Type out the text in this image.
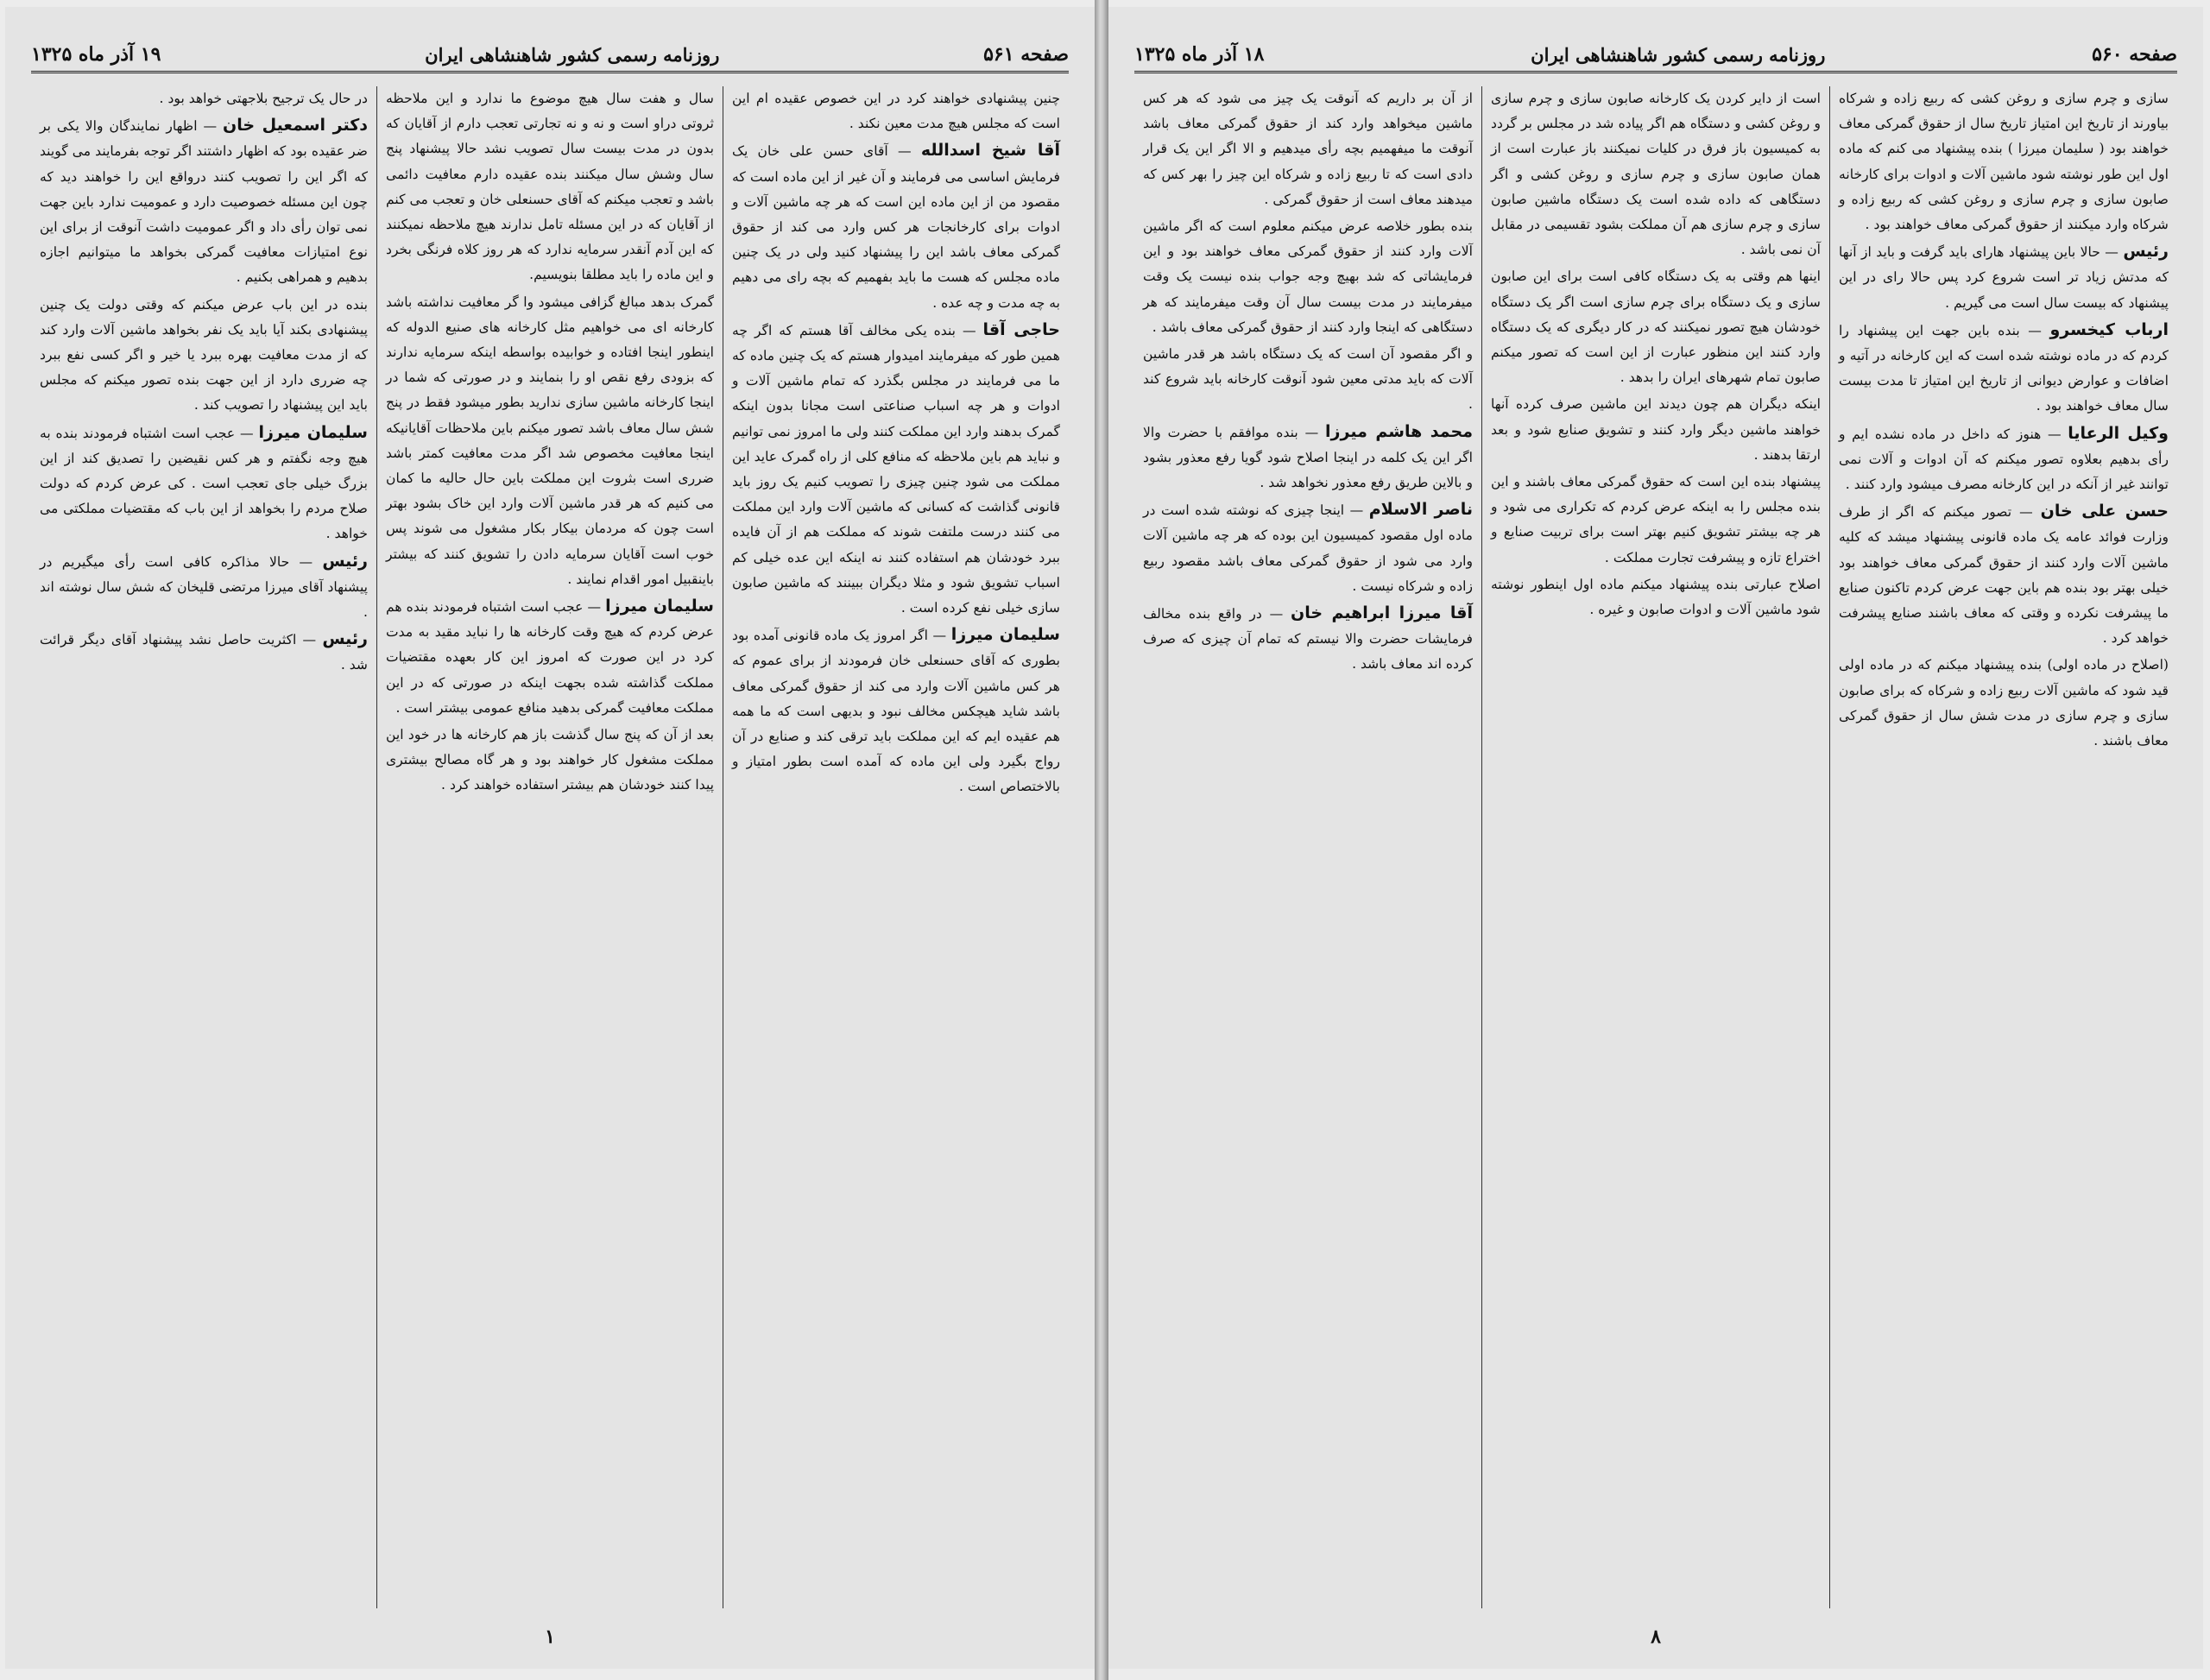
صفحه ۵۶۱
روزنامه رسمی کشور شاهنشاهی ایران
۱۹ آذر ماه ۱۳۲۵

چنین پیشنهادی خواهند کرد در این خصوص عقیده ام این است که مجلس هیچ مدت معین نکند .

آقا شیخ اسدالله — آقای حسن علی خان یک فرمایش اساسی می فرمایند و آن غیر از این ماده است که مقصود من از این ماده این است که هر چه ماشین آلات و ادوات برای کارخانجات هر کس وارد می کند از حقوق گمرکی معاف باشد این را پیشنهاد کنید ولی در یک چنین ماده مجلس که هست ما باید بفهمیم که بچه رای می دهیم به چه مدت و چه عده .

حاجی آقا — بنده یکی مخالف آقا هستم که اگر چه همین طور که میفرمایند امیدوار هستم که یک چنین ماده که ما می فرمایند در مجلس بگذرد که تمام ماشین آلات و ادوات و هر چه اسباب صناعتی است مجانا بدون اینکه گمرک بدهند وارد این مملکت کنند ولی ما امروز نمی توانیم و نباید هم باین ملاحظه که منافع کلی از راه گمرک عاید این مملکت می شود چنین چیزی را تصویب کنیم یک روز باید قانونی گذاشت که کسانی که ماشین آلات وارد این مملکت می کنند درست ملتفت شوند که مملکت هم از آن فایده ببرد خودشان هم استفاده کنند نه اینکه این عده خیلی کم اسباب تشویق شود و مثلا دیگران ببینند که ماشین صابون سازی خیلی نفع کرده است .

سلیمان میرزا — اگر امروز یک ماده قانونی آمده بود بطوری که آقای حسنعلی خان فرمودند از برای عموم که هر کس ماشین آلات وارد می کند از حقوق گمرکی معاف باشد شاید هیچکس مخالف نبود و بدیهی است که ما همه هم عقیده ایم که این مملکت باید ترقی کند و صنایع در آن رواج بگیرد ولی این ماده که آمده است بطور امتیاز و بالاختصاص است .

سال و هفت سال هیچ موضوع ما ندارد و این ملاحظه ثروتی دراو است و نه و نه تجارتی تعجب دارم از آقایان که بدون در مدت بیست سال تصویب نشد حالا پیشنهاد پنج سال وشش سال میکنند بنده عقیده دارم معافیت دائمی باشد و تعجب میکنم که آقای حسنعلی خان و تعجب می کنم از آقایان که در این مسئله تامل ندارند هیچ ملاحظه نمیکنند که این آدم آنقدر سرمایه ندارد که هر روز کلاه فرنگی بخرد و این ماده را باید مطلقا بنویسیم.

گمرک بدهد مبالغ گزافی میشود وا گر معافیت نداشته باشد کارخانه ای می خواهیم مثل کارخانه های صنیع الدوله که اینطور اینجا افتاده و خوابیده بواسطه اینکه سرمایه ندارند که بزودی رفع نقص او را بنمایند و در صورتی که شما در اینجا کارخانه ماشین سازی ندارید بطور میشود فقط در پنج شش سال معاف باشد تصور میکنم باین ملاحظات آقایانیکه اینجا معافیت مخصوص شد اگر مدت معافیت کمتر باشد ضرری است بثروت این مملکت باین حال حالیه ما کمان می کنیم که هر قدر ماشین آلات وارد این خاک بشود بهتر است چون که مردمان بیکار بکار مشغول می شوند پس خوب است آقایان سرمایه دادن را تشویق کنند که بیشتر باینقبیل امور اقدام نمایند .

سلیمان میرزا — عجب است اشتباه فرمودند بنده هم عرض کردم که هیچ وقت کارخانه ها را نباید مقید به مدت کرد در این صورت که امروز این کار بعهده مقتضیات مملکت گذاشته شده بجهت اینکه در صورتی که در این مملکت معافیت گمرکی بدهید منافع عمومی بیشتر است .

بعد از آن که پنج سال گذشت باز هم کارخانه ها در خود این مملکت مشغول کار خواهند بود و هر گاه مصالح بیشتری پیدا کنند خودشان هم بیشتر استفاده خواهند کرد .

در حال یک ترجیح بلاجهتی خواهد بود .

دکتر اسمعیل خان — اظهار نمایندگان والا یکی بر ضر عقیده بود که اظهار داشتند اگر توجه بفرمایند می گویند که اگر این را تصویب کنند درواقع این را خواهند دید که چون این مسئله خصوصیت دارد و عمومیت ندارد باین جهت نمی توان رأی داد و اگر عمومیت داشت آنوقت از برای این نوع امتیازات معافیت گمرکی بخواهد ما میتوانیم اجازه بدهیم و همراهی بکنیم .

بنده در این باب عرض میکنم که وقتی دولت یک چنین پیشنهادی بکند آیا باید یک نفر بخواهد ماشین آلات وارد کند که از مدت معافیت بهره ببرد یا خیر و اگر کسی نفع ببرد چه ضرری دارد از این جهت بنده تصور میکنم که مجلس باید این پیشنهاد را تصویب کند .

سلیمان میرزا — عجب است اشتباه فرمودند بنده به هیچ وجه نگفتم و هر کس نقیضین را تصدیق کند از این بزرگ خیلی جای تعجب است . کی عرض کردم که دولت صلاح مردم را بخواهد از این باب که مقتضیات مملکتی می خواهد .

رئیس — حالا مذاکره کافی است رأی میگیریم در پیشنهاد آقای میرزا مرتضی قلیخان که شش سال نوشته اند .

رئیس — اکثریت حاصل نشد پیشنهاد آقای دیگر قرائت شد .

۱
صفحه ۵۶۰
روزنامه رسمی کشور شاهنشاهی ایران
۱۸ آذر ماه ۱۳۲۵

سازی و چرم سازی و روغن کشی که ربیع زاده و شرکاه بیاورند از تاریخ این امتیاز تاریخ سال از حقوق گمرکی معاف خواهند بود ( سلیمان میرزا ) بنده پیشنهاد می کنم که ماده اول این طور نوشته شود ماشین آلات و ادوات برای کارخانه صابون سازی و چرم سازی و روغن کشی که ربیع زاده و شرکاه وارد میکنند از حقوق گمرکی معاف خواهند بود .

رئیس — حالا باین پیشنهاد هارای باید گرفت و باید از آنها که مدتش زیاد تر است شروع کرد پس حالا رای در این پیشنهاد که بیست سال است می گیریم .

ارباب کیخسرو — بنده باین جهت این پیشنهاد را کردم که در ماده نوشته شده است که این کارخانه در آتیه و اضافات و عوارض دیوانی از تاریخ این امتیاز تا مدت بیست سال معاف خواهند بود .

وکیل الرعایا — هنوز که داخل در ماده نشده ایم و رأی بدهیم بعلاوه تصور میکنم که آن ادوات و آلات نمی توانند غیر از آنکه در این کارخانه مصرف میشود وارد کنند .

حسن علی خان — تصور میکنم که اگر از طرف وزارت فوائد عامه یک ماده قانونی پیشنهاد میشد که کلیه ماشین آلات وارد کنند از حقوق گمرکی معاف خواهند بود خیلی بهتر بود بنده هم باین جهت عرض کردم تاکنون صنایع ما پیشرفت نکرده و وقتی که معاف باشند صنایع پیشرفت خواهد کرد .

(اصلاح در ماده اولی) بنده پیشنهاد میکنم که در ماده اولی قید شود که ماشین آلات ربیع زاده و شرکاه که برای صابون سازی و چرم سازی در مدت شش سال از حقوق گمرکی معاف باشند .

است از دایر کردن یک کارخانه صابون سازی و چرم سازی و روغن کشی و دستگاه هم اگر پیاده شد در مجلس بر گردد به کمیسیون باز فرق در کلیات نمیکنند باز عبارت است از همان صابون سازی و چرم سازی و روغن کشی و اگر دستگاهی که داده شده است یک دستگاه ماشین صابون سازی و چرم سازی هم آن مملکت بشود تقسیمی در مقابل آن نمی باشد .

اینها هم وقتی به یک دستگاه کافی است برای این صابون سازی و یک دستگاه برای چرم سازی است اگر یک دستگاه خودشان هیچ تصور نمیکنند که در کار دیگری که یک دستگاه وارد کنند این منظور عبارت از این است که تصور میکنم صابون تمام شهرهای ایران را بدهد .

اینکه دیگران هم چون دیدند این ماشین صرف کرده آنها خواهند ماشین دیگر وارد کنند و تشویق صنایع شود و بعد ارتقا بدهند .

پیشنهاد بنده این است که حقوق گمرکی معاف باشند و این بنده مجلس را به اینکه عرض کردم که تکراری می شود و هر چه بیشتر تشویق کنیم بهتر است برای تربیت صنایع و اختراع تازه و پیشرفت تجارت مملکت .

اصلاح عبارتی بنده پیشنهاد میکنم ماده اول اینطور نوشته شود ماشین آلات و ادوات صابون و غیره .

از آن بر داریم که آنوقت یک چیز می شود که هر کس ماشین میخواهد وارد کند از حقوق گمرکی معاف باشد آنوقت ما میفهمیم بچه رأی میدهیم و الا اگر این یک قرار دادی است که تا ربیع زاده و شرکاه این چیز را بهر کس که میدهند معاف است از حقوق گمرکی .

بنده بطور خلاصه عرض میکنم معلوم است که اگر ماشین آلات وارد کنند از حقوق گمرکی معاف خواهند بود و این فرمایشاتی که شد بهیچ وجه جواب بنده نیست یک وقت میفرمایند در مدت بیست سال آن وقت میفرمایند که هر دستگاهی که اینجا وارد کنند از حقوق گمرکی معاف باشد .

و اگر مقصود آن است که یک دستگاه باشد هر قدر ماشین آلات که باید مدتی معین شود آنوقت کارخانه باید شروع کند .

محمد هاشم میرزا — بنده موافقم با حضرت والا اگر این یک کلمه در اینجا اصلاح شود گویا رفع معذور بشود و بالاین طریق رفع معذور نخواهد شد .

ناصر الاسلام — اینجا چیزی که نوشته شده است در ماده اول مقصود کمیسیون این بوده که هر چه ماشین آلات وارد می شود از حقوق گمرکی معاف باشد مقصود ربیع زاده و شرکاه نیست .

آقا میرزا ابراهیم خان — در واقع بنده مخالف فرمایشات حضرت والا نیستم که تمام آن چیزی که صرف کرده اند معاف باشد .

۸
